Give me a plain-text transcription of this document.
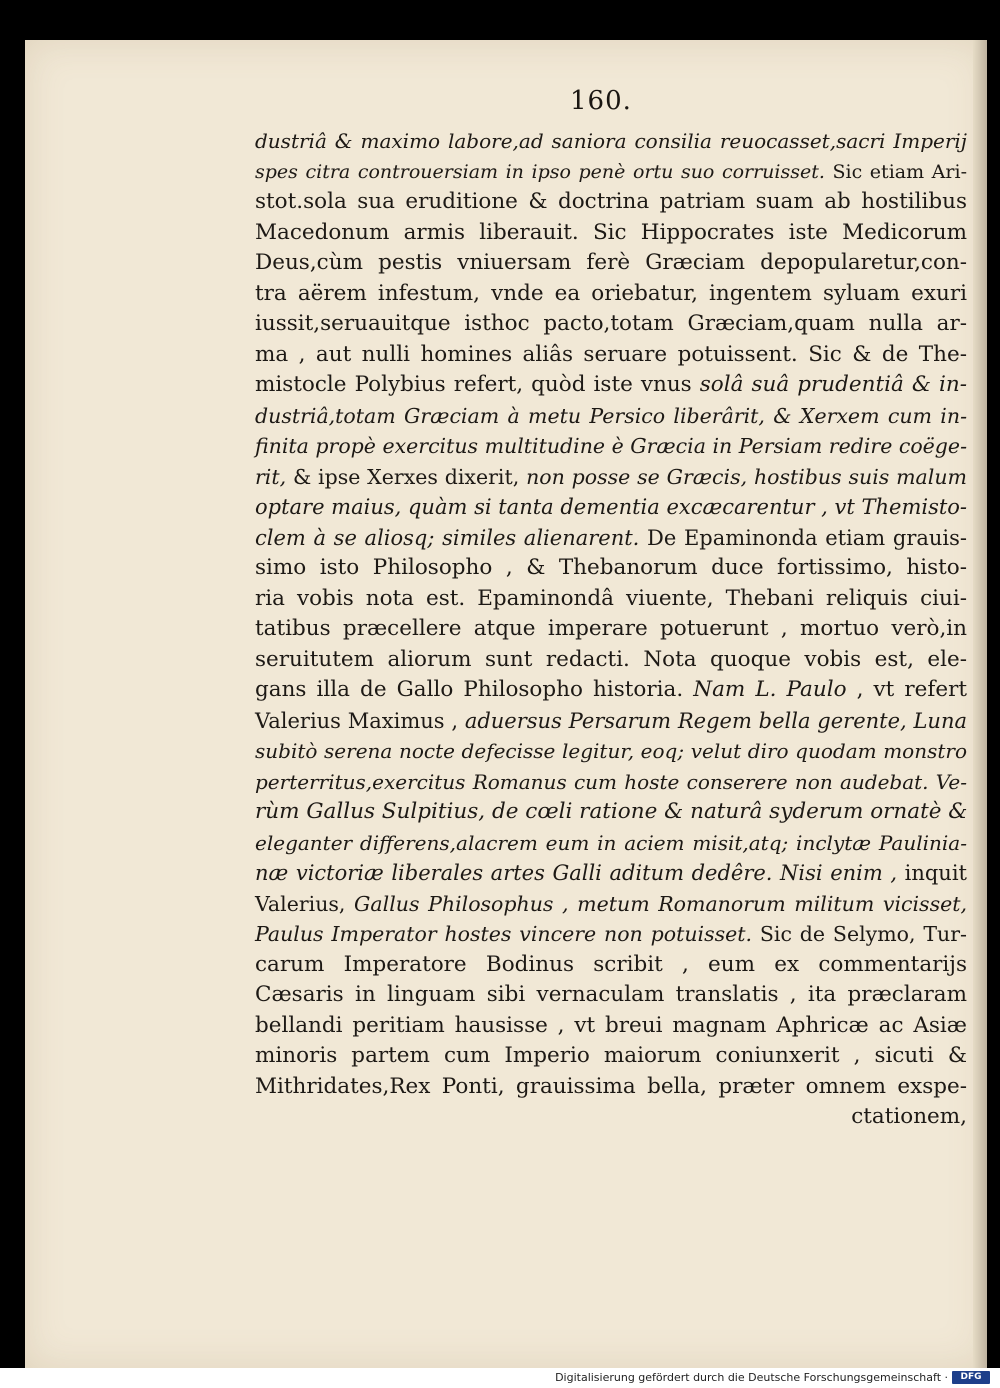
160.
dustriâ & maximo labore,ad saniora consilia reuocasset,sacri Imperij
spes citra controuersiam in ipso penè ortu suo corruisset. Sic etiam Ari-
stot.sola sua eruditione & doctrina patriam suam ab hostilibus
Macedonum armis liberauit. Sic Hippocrates iste Medicorum
Deus,cùm pestis vniuersam ferè Græciam depopularetur,con-
tra aërem infestum, vnde ea oriebatur, ingentem syluam exuri
iussit,seruauitque isthoc pacto,totam Græciam,quam nulla ar-
ma , aut nulli homines aliâs seruare potuissent. Sic & de The-
mistocle Polybius refert, quòd iste vnus solâ suâ prudentiâ & in-
dustriâ,totam Græciam à metu Persico liberârit, & Xerxem cum in-
finita propè exercitus multitudine è Græcia in Persiam redire coëge-
rit, & ipse Xerxes dixerit, non posse se Græcis, hostibus suis malum
optare maius, quàm si tanta dementia excæcarentur , vt Themisto-
clem à se aliosq; similes alienarent. De Epaminonda etiam grauis-
simo isto Philosopho , & Thebanorum duce fortissimo, histo-
ria vobis nota est. Epaminondâ viuente, Thebani reliquis ciui-
tatibus præcellere atque imperare potuerunt , mortuo verò,in
seruitutem aliorum sunt redacti. Nota quoque vobis est, ele-
gans illa de Gallo Philosopho historia. Nam L. Paulo , vt refert
Valerius Maximus , aduersus Persarum Regem bella gerente, Luna
subitò serena nocte defecisse legitur, eoq; velut diro quodam monstro
perterritus,exercitus Romanus cum hoste conserere non audebat. Ve-
rùm Gallus Sulpitius, de cœli ratione & naturâ syderum ornatè &
eleganter differens,alacrem eum in aciem misit,atq; inclytæ Paulinia-
næ victoriæ liberales artes Galli aditum dedêre. Nisi enim , inquit
Valerius, Gallus Philosophus , metum Romanorum militum vicisset,
Paulus Imperator hostes vincere non potuisset. Sic de Selymo, Tur-
carum Imperatore Bodinus scribit , eum ex commentarijs
Cæsaris in linguam sibi vernaculam translatis , ita præclaram
bellandi peritiam hausisse , vt breui magnam Aphricæ ac Asiæ
minoris partem cum Imperio maiorum coniunxerit , sicuti &
Mithridates,Rex Ponti, grauissima bella, præter omnem exspe-
ctationem,
Digitalisierung gefördert durch die Deutsche Forschungsgemeinschaft ·	DFG
